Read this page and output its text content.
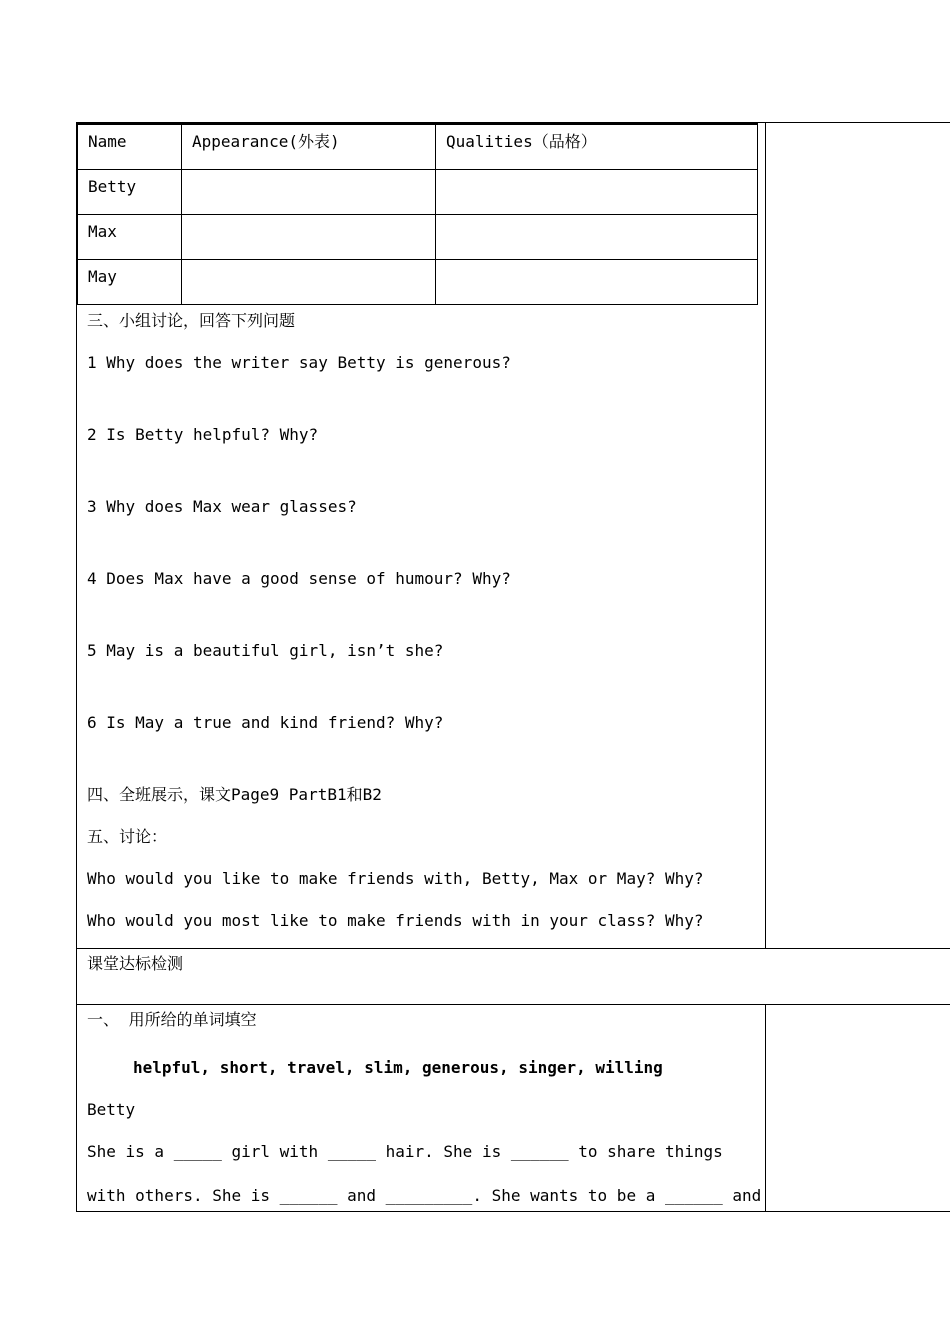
Name	Appearance(外表)	Qualities（品格）
Betty		
Max		
May		
三、小组讨论，回答下列问题
1 Why does the writer say Betty is generous?
2 Is Betty helpful? Why?
3 Why does Max wear glasses?
4 Does Max have a good sense of humour? Why?
5 May is a beautiful girl, isn’t she?
6 Is May a true and kind friend? Why?
四、全班展示，课文Page9 PartB1和B2
五、讨论：
Who would you like to make friends with, Betty, Max or May? Why?
Who would you most like to make friends with in your class? Why?

课堂达标检测

一、 用所给的单词填空
helpful, short, travel, slim, generous, singer, willing
Betty
She is a _____ girl with _____ hair. She is ______ to share things
with others. She is ______ and _________. She wants to be a ______ and
